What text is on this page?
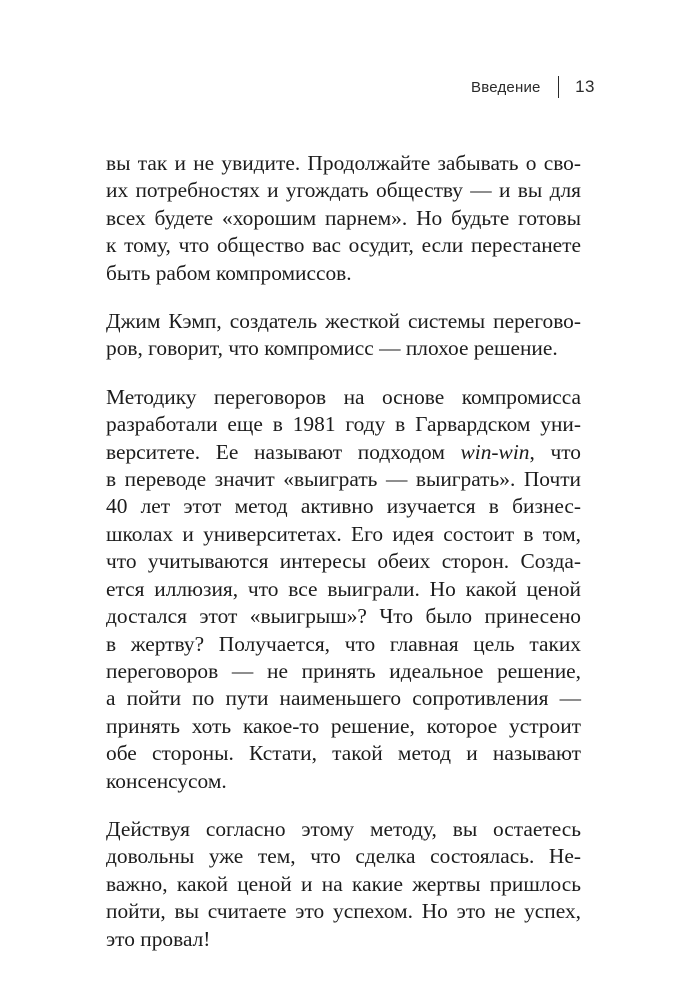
Введение 13

вы так и не увидите. Продолжайте забывать о сво-
их потребностях и угождать обществу — и вы для
всех будете «хорошим парнем». Но будьте готовы
к тому, что общество вас осудит, если перестанете
быть рабом компромиссов.

Джим Кэмп, создатель жесткой системы перегово-
ров, говорит, что компромисс — плохое решение.

Методику переговоров на основе компромисса
разработали еще в 1981 году в Гарвардском уни-
верситете. Ее называют подходом win-win, что
в переводе значит «выиграть — выиграть». Почти
40 лет этот метод активно изучается в бизнес-
школах и университетах. Его идея состоит в том,
что учитываются интересы обеих сторон. Созда-
ется иллюзия, что все выиграли. Но какой ценой
достался этот «выигрыш»? Что было принесено
в жертву? Получается, что главная цель таких
переговоров — не принять идеальное решение,
а пойти по пути наименьшего сопротивления —
принять хоть какое-то решение, которое устроит
обе стороны. Кстати, такой метод и называют
консенсусом.

Действуя согласно этому методу, вы остаетесь
довольны уже тем, что сделка состоялась. Не-
важно, какой ценой и на какие жертвы пришлось
пойти, вы считаете это успехом. Но это не успех,
это провал!
